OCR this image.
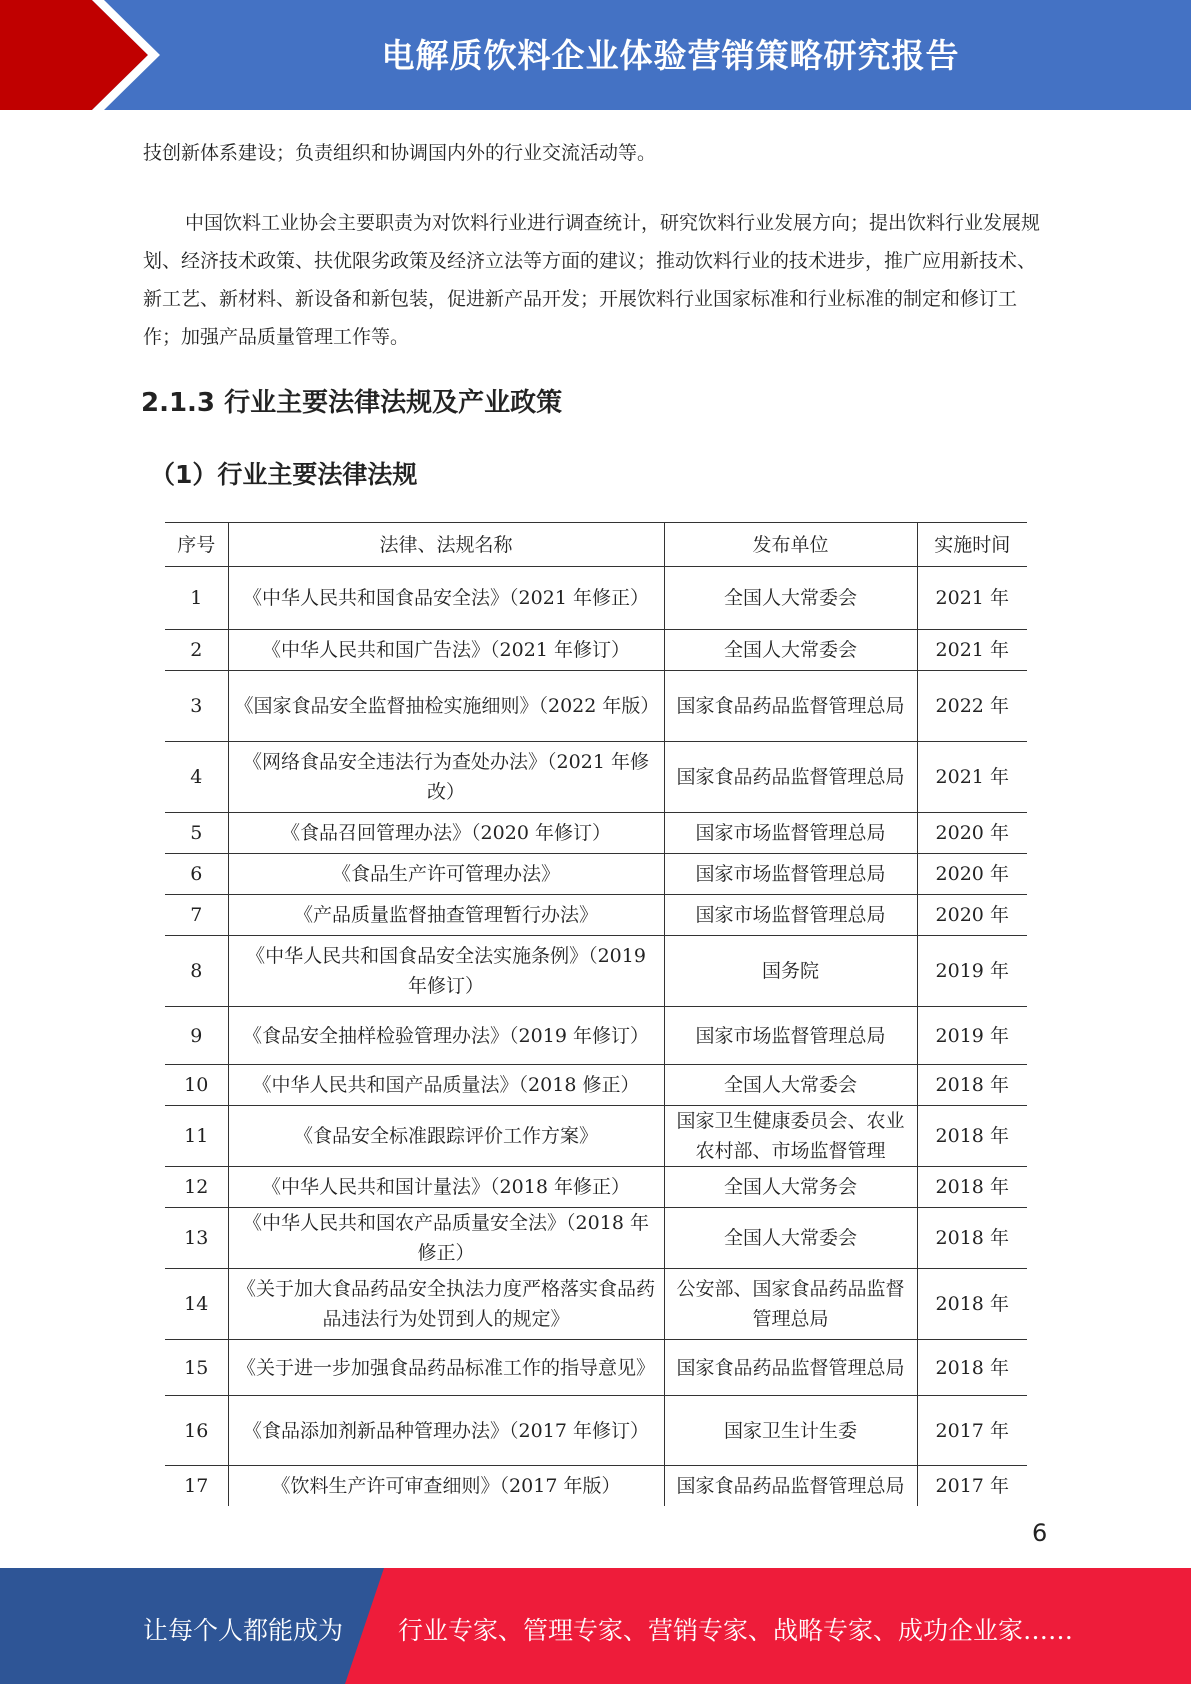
电解质饮料企业体验营销策略研究报告

技创新体系建设；负责组织和协调国内外的行业交流活动等。

中国饮料工业协会主要职责为对饮料行业进行调查统计，研究饮料行业发展方向；提出饮料行业发展规划、经济技术政策、扶优限劣政策及经济立法等方面的建议；推动饮料行业的技术进步，推广应用新技术、新工艺、新材料、新设备和新包装，促进新产品开发；开展饮料行业国家标准和行业标准的制定和修订工作；加强产品质量管理工作等。

2.1.3 行业主要法律法规及产业政策
（1）行业主要法律法规
序号	法律、法规名称	发布单位	实施时间
1	《中华人民共和国食品安全法》（2021 年修正）	全国人大常委会	2021 年
2	《中华人民共和国广告法》（2021 年修订）	全国人大常委会	2021 年
3	《国家食品安全监督抽检实施细则》（2022 年版）	国家食品药品监督管理总局	2022 年
4	《网络食品安全违法行为查处办法》（2021 年修改）	国家食品药品监督管理总局	2021 年
5	《食品召回管理办法》（2020 年修订）	国家市场监督管理总局	2020 年
6	《食品生产许可管理办法》	国家市场监督管理总局	2020 年
7	《产品质量监督抽查管理暂行办法》	国家市场监督管理总局	2020 年
8	《中华人民共和国食品安全法实施条例》（2019 年修订）	国务院	2019 年
9	《食品安全抽样检验管理办法》（2019 年修订）	国家市场监督管理总局	2019 年
10	《中华人民共和国产品质量法》（2018 修正）	全国人大常委会	2018 年
11	《食品安全标准跟踪评价工作方案》	国家卫生健康委员会、农业农村部、市场监督管理	2018 年
12	《中华人民共和国计量法》（2018 年修正）	全国人大常务会	2018 年
13	《中华人民共和国农产品质量安全法》（2018 年修正）	全国人大常委会	2018 年
14	《关于加大食品药品安全执法力度严格落实食品药品违法行为处罚到人的规定》	公安部、国家食品药品监督管理总局	2018 年
15	《关于进一步加强食品药品标准工作的指导意见》	国家食品药品监督管理总局	2018 年
16	《食品添加剂新品种管理办法》（2017 年修订）	国家卫生计生委	2017 年
17	《饮料生产许可审查细则》（2017 年版）	国家食品药品监督管理总局	2017 年
6
让每个人都能成为 行业专家、管理专家、营销专家、战略专家、成功企业家……
